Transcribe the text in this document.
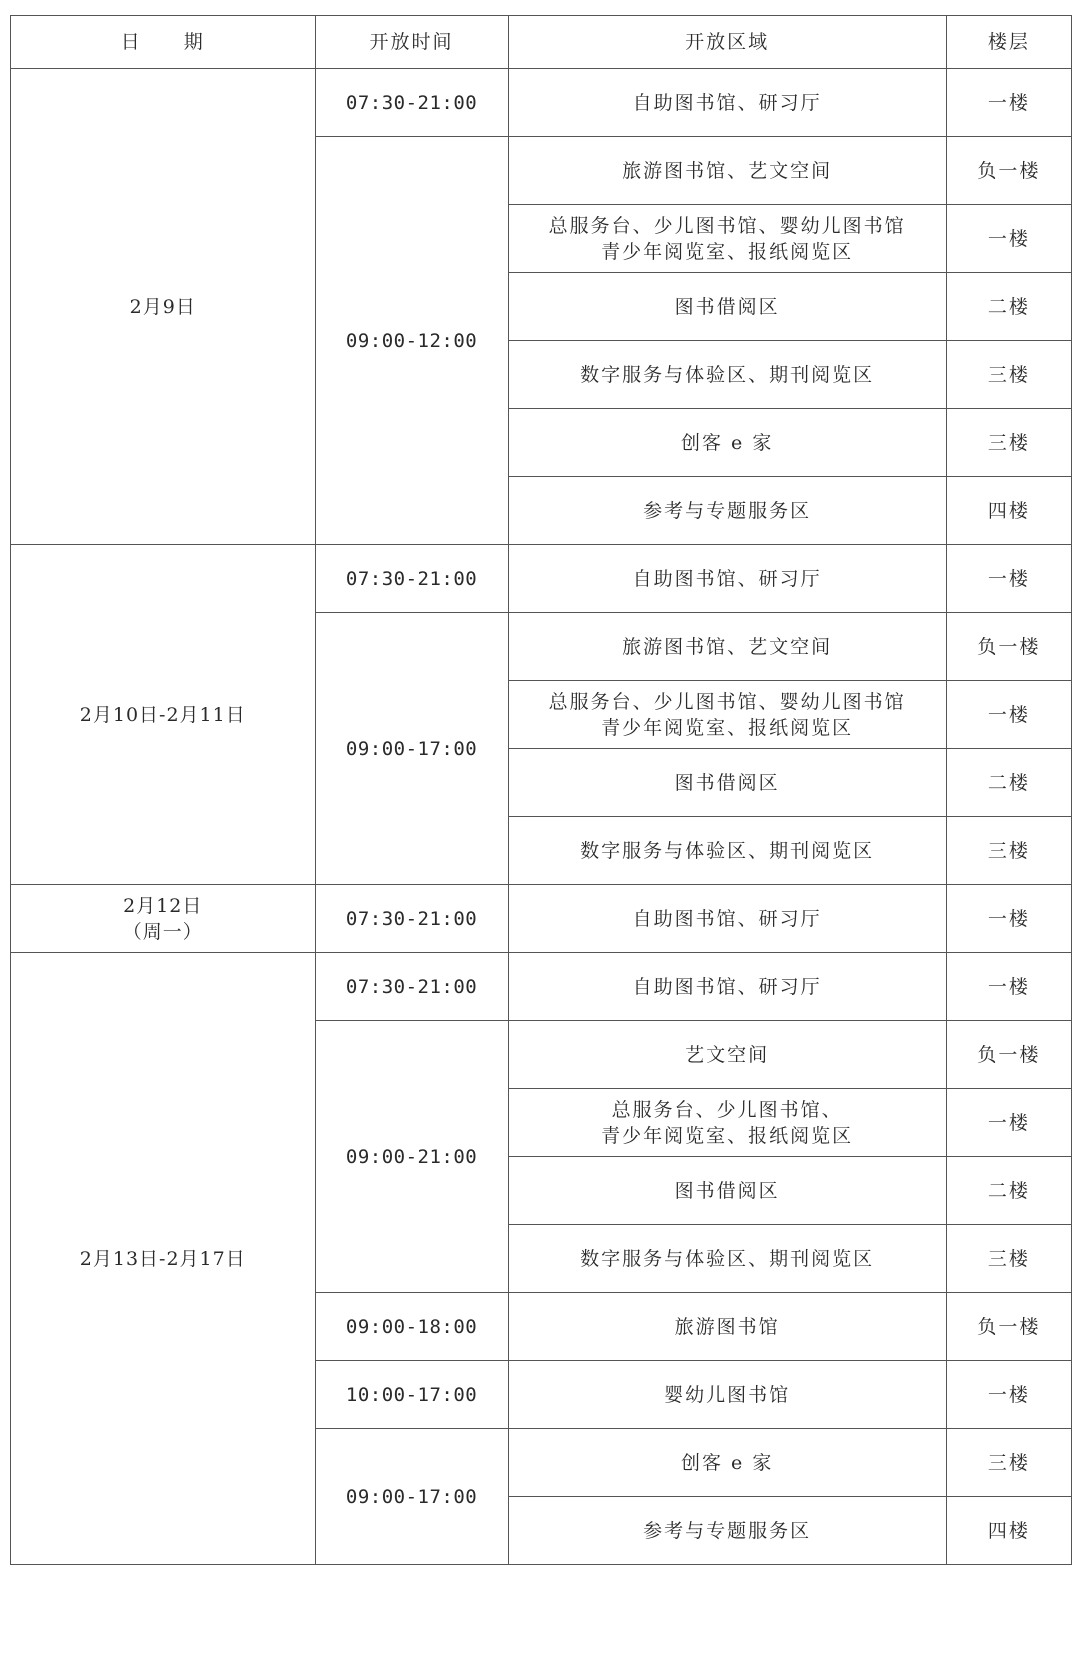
日　　期	开放时间	开放区域	楼层
2月9日	07:30-21:00	自助图书馆、研习厅	一楼
	09:00-12:00	旅游图书馆、艺文空间	负一楼

		总服务台、少儿图书馆、婴幼儿图书馆
青少年阅览室、报纸阅览区	一楼
		图书借阅区	二楼
		数字服务与体验区、期刊阅览区	三楼
		创客 e 家	三楼
		参考与专题服务区	四楼
2月10日-2月11日	07:30-21:00	自助图书馆、研习厅	一楼
	09:00-17:00	旅游图书馆、艺文空间	负一楼

		总服务台、少儿图书馆、婴幼儿图书馆
青少年阅览室、报纸阅览区	一楼
		图书借阅区	二楼
		数字服务与体验区、期刊阅览区	三楼

2月12日
（周一）	07:30-21:00	自助图书馆、研习厅	一楼
2月13日-2月17日	07:30-21:00	自助图书馆、研习厅	一楼
	09:00-21:00	艺文空间	负一楼

		总服务台、少儿图书馆、
青少年阅览室、报纸阅览区	一楼
		图书借阅区	二楼
		数字服务与体验区、期刊阅览区	三楼
	09:00-18:00	旅游图书馆	负一楼
	10:00-17:00	婴幼儿图书馆	一楼
	09:00-17:00	创客 e 家	三楼
		参考与专题服务区	四楼
